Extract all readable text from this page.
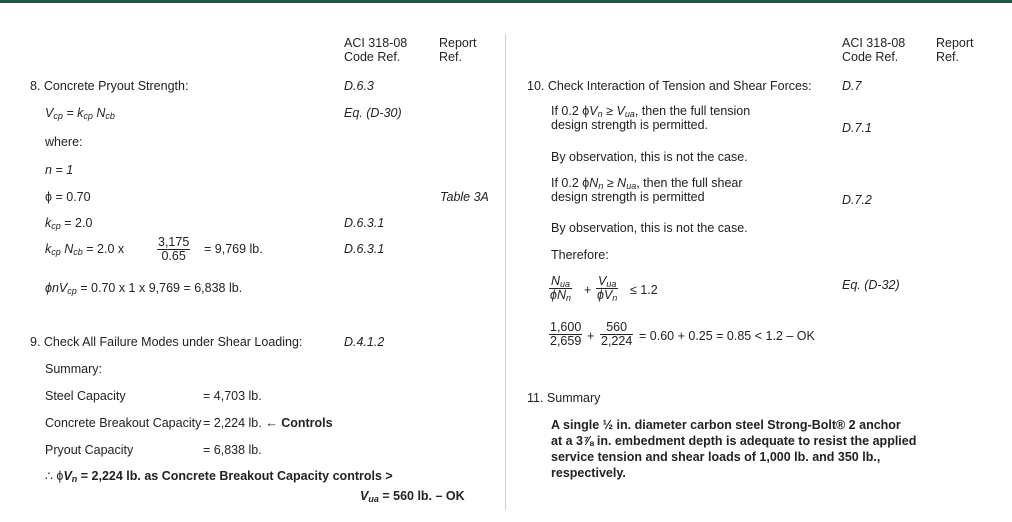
ACI 318-08
Code Ref.
Report
Ref.
ACI 318-08
Code Ref.
Report
Ref.
8. Concrete Pryout Strength:	D.6.3
$V_{cp} = k_{cp}$ $N_{cb}$	Eq. (D-30)
where:
n = 1
ϕ = 0.70	Table 3A
$k_{cp} = 2.0$	D.6.3.1
$k_{cp}$ $N_{cb} = 2.0$ x	$\frac{3,175}{0.65} = 9,769$ lb.	D.6.3.1
ϕnV$_{cp}$ = 0.70 x 1 x 9,769 = 6,838 lb.
9. Check All Failure Modes under Shear Loading:	D.4.1.2
Summary:
Steel Capacity	= 4,703 lb.
Concrete Breakout Capacity = 2,224 lb. ← Controls
Pryout Capacity	= 6,838 lb.
∴ $\phi V_n = 2,224$ lb. as Concrete Breakout Capacity controls >
$V_{ua} = 560$ lb. – OK
10. Check Interaction of Tension and Shear Forces: D.7
If 0.2 $\phi V_n \ge V_{ua}$, then the full tension
design strength is permitted.	D.7.1
By observation, this is not the case.
If 0.2 $\phi N_n \ge N_{ua}$, then the full shear
design strength is permitted	D.7.2
By observation, this is not the case.
Therefore:
$N_{ua}$
$\phi N_n$
+
$V_{ua}$
$\phi V_n$
≤ 1.2	Eq. (D-32)
$\frac{1,600}{2,659} + \frac{560}{2,224} = 0.60 + 0.25 = 0.85 < 1.2$ – OK
11. Summary
A single ½ in. diameter carbon steel Strong-Bolt® 2 anchor
at a 3⅞ in. embedment depth is adequate to resist the applied
service tension and shear loads of 1,000 lb. and 350 lb.,
respectively.
